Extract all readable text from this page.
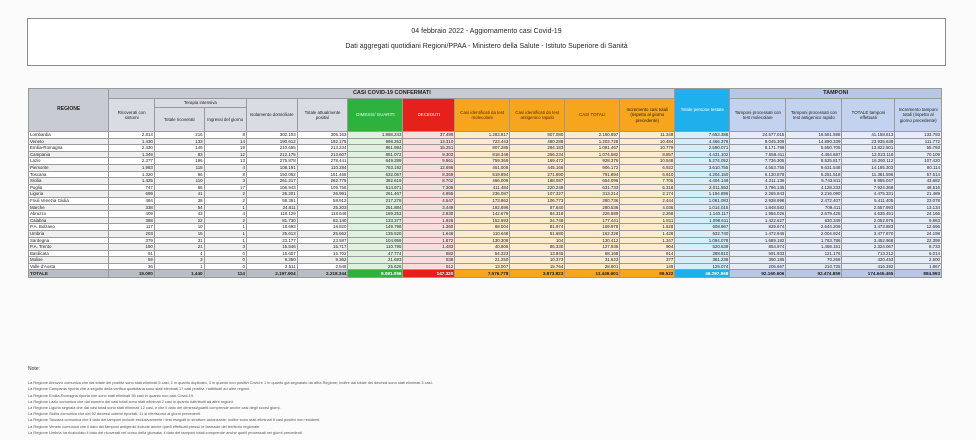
04 febbraio 2022 - Aggiornamento casi Covid-19
Dati aggregati quotidiani Regioni/PPAA - Ministero della Salute - Istituto Superiore di Sanità
REGIONE	CASI COVID-19 CONFERMATI											Totale persone testate	TAMPONI			
	Ricoverati con sintomi	Terapia intensiva		Isolamento domiciliare	Totale attualmente positivi	DIMESSI/ GUARITI	DECEDUTI	Casi identificati da test molecolare	Casi identificati da test antigenico rapido	CASI TOTALI	Incremento casi totali (rispetto al giorno precedente)		Tamponi processati con test molecolare	Tamponi processati con test antigenico rapido	TOTALE tamponi effettuati	Incremento tamponi totali (rispetto al giorno precedente)
		Totale ricoverati	Ingressi del giorno													
Lombardia	2.814	216	8	302.103	305.163	1.868.243	37.499	1.283.817	907.080	2.190.897	11.348	7.653.388	24.577.015	16.581.598	41.158.613	133.793
Veneto	1.430	133	14	190.612	192.175	998.263	13.310	723.443	480.288	1.203.728	10.484	4.466.378	9.045.309	14.890.339	23.935.639	111.772
Emilia-Romagna	2.430	149	19	210.655	213.234	861.984	15.251	807.285	284.183	1.091.467	10.779	2.590.071	8.171.799	5.650.705	13.822.501	55.793
Campania	1.349	83	12	212.175	213.607	851.072	9.303	818.348	256.234	1.074.582	8.857	4.431.102	7.558.411	4.464.687	12.023.118	70.109
Lazio	2.377	196	13	275.878	278.441	649.289	9.961	759.369	169.472	928.376	10.548	5.274.052	7.736.305	8.525.817	16.260.112	107.420
Piemonte	1.983	118	4	108.191	110.284	783.192	12.696	461.006	445.166	906.172	6.922	3.610.755	4.553.755	9.631.548	14.185.303	80.114
Toscana	1.320	96	8	150.052	151.468	632.057	8.369	519.894	271.890	791.894	6.910	4.204.150	6.130.878	5.251.518	11.381.596	57.514
Sicilia	1.425	110	3	261.217	262.775	382.619	8.702	466.009	188.087	654.096	7.705	4.404.148	4.211.136	5.743.811	9.955.047	43.682
Puglia	747	66	17	106.943	109.756	514.671	7.306	411.484	220.249	631.733	6.318	2.011.553	3.796.135	4.128.233	7.924.368	48.516
Liguria	699	41	2	26.201	26.991	261.467	4.955	236.087	107.327	313.214	2.174	1.194.896	2.265.843	2.216.090	4.475.331	21.489
Friuli Venezia Giulia	484	38	2	58.391	58.913	217.276	4.547	173.862	106.773	280.736	2.444	1.061.083	2.938.998	2.472.407	5.411.405	23.078
Marche	338	54	1	24.811	25.203	251.884	3.449	192.896	87.640	280.536	4.036	1.014.015	1.848.582	709.411	2.557.993	13.134
Abruzzo	409	43	4	118.129	118.648	169.253	2.830	142.679	84.318	226.689	2.268	1.140.117	1.956.026	2.679.425	4.635.451	24.166
Calabria	388	22	2	81.730	82.140	133.377	1.926	152.693	24.748	177.441	1.811	1.098.611	1.422.627	630.349	2.052.976	9.863
P.A. Bolzano	117	10	1	18.693	18.820	149.798	1.360	88.004	81.974	169.978	1.628	608.967	829.674	2.644.209	3.473.883	12.696
Umbria	203	15	1	25.613	25.662	135.520	1.646	110.648	51.680	162.328	1.428	632.740	1.472.946	2.004.924	3.477.870	24.198
Sardegna	379	31	1	23.177	23.587	104.959	1.872	130.308	104	130.412	1.347	1.094.078	1.689.182	1.763.786	3.452.968	22.399
P.A. Trento	150	21	3	15.546	15.717	110.795	1.483	40.905	86.330	127.935	904	520.639	854.974	1.469.151	2.324.067	8.733
Basilicata	91	4	0	15.607	15.702	47.774	682	54.323	13.845	68.168	914	288.810	591.933	121.176	713.212	6.014
Molise	59	3	0	9.350	9.362	21.693	538	21.250	10.373	31.623	377	381.238	350.185	70.268	420.453	2.500
Valle d'Aosta	36	1	0	2.511	2.548	25.626	512	13.007	15.764	28.801	149	125.074	205.667	210.725	416.392	1.867
TOTALE	19.000	1.440	114	2.197.904	2.218.344	9.081.056	147.320	7.576.778	3.873.823	11.449.601	99.522	46.297.968	92.160.606	92.474.859	174.645.465	884.893
Note:
La Regione Abruzzo comunica che dal totale dei positivi sono stati eliminati 5 casi, 1 in quanto duplicato, 3 in quanto non positivi Covid e 1 in quanto già segnalato da altra Regione; inoltre dal totale dei decessi sono stati eliminati 3 casi.
La Regione Campania riporta che a seguito della verifica quotidiana sono stati eliminati 17 casi positivi, riattribuiti ad altre regioni.
La Regione Emilia-Romagna riporta che sono stati eliminati 35 casi in quanto non casi Covid-19.
La Regione Lazio comunica che dal numero dei casi totali sono stati eliminati 2 casi in quanto riattribuiti ad altre regioni.
La Regione Liguria segnala che dai casi totali sono stati eliminati 12 casi, e che il dato dei dimessi/guariti comprende anche casi degli scorsi giorni.
La Regione Sicilia comunica che dei 92 decessi odierni riportati, 11 si riferiscono ai giorni precedenti.
La Regione Toscana comunica che il dato dei tamponi include esclusivamente i test eseguiti in strutture autorizzate; inoltre sono stati eliminati 5 casi positivi non residenti.
La Regione Veneto comunica che il dato dei tamponi antigenici include anche quelli effettuati presso le farmacie del territorio regionale.
La Regione Umbria ha ricalcolato il dato dei ricoverati nel corso della giornata; il dato dei tamponi totali comprende anche quelli processati nei giorni precedenti.
